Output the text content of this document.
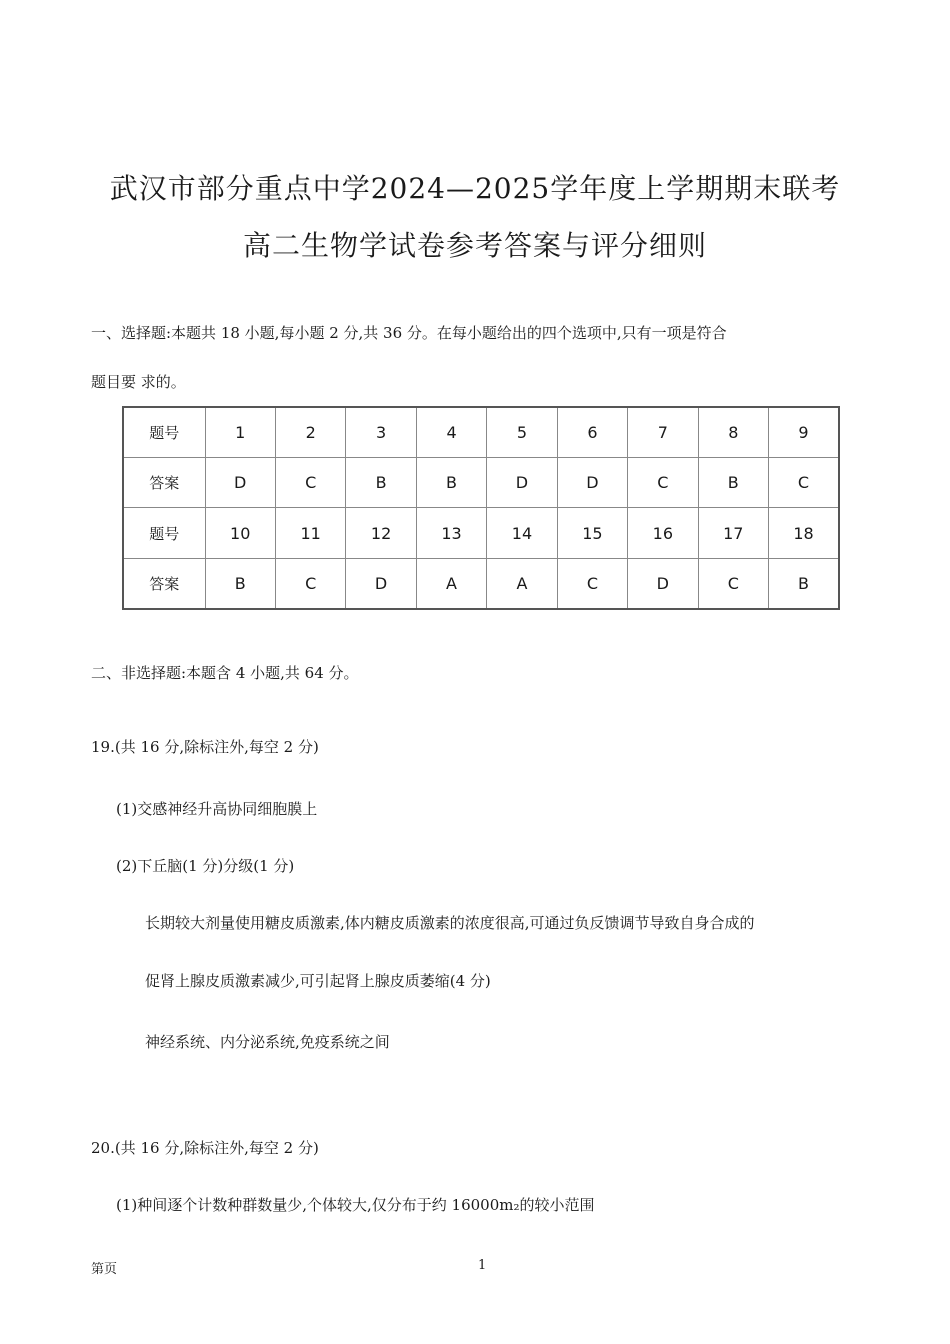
武汉市部分重点中学2024—2025学年度上学期期末联考
高二生物学试卷参考答案与评分细则
一、选择题:本题共 18 小题,每小题 2 分,共 36 分。在每小题给出的四个选项中,只有一项是符合
题目要 求的。
题号	1	2	3	4	5	6	7	8	9
答案	D	C	B	B	D	D	C	B	C
题号	10	11	12	13	14	15	16	17	18
答案	B	C	D	A	A	C	D	C	B
二、非选择题:本题含 4 小题,共 64 分。
19.(共 16 分,除标注外,每空 2 分)
(1)交感神经升高协同细胞膜上
(2)下丘脑(1 分)分级(1 分)
长期较大剂量使用糖皮质激素,体内糖皮质激素的浓度很高,可通过负反馈调节导致自身合成的
促肾上腺皮质激素减少,可引起肾上腺皮质萎缩(4 分)
神经系统、内分泌系统,免疫系统之间
20.(共 16 分,除标注外,每空 2 分)
(1)种间逐个计数种群数量少,个体较大,仅分布于约 16000m₂的较小范围
第页	1
